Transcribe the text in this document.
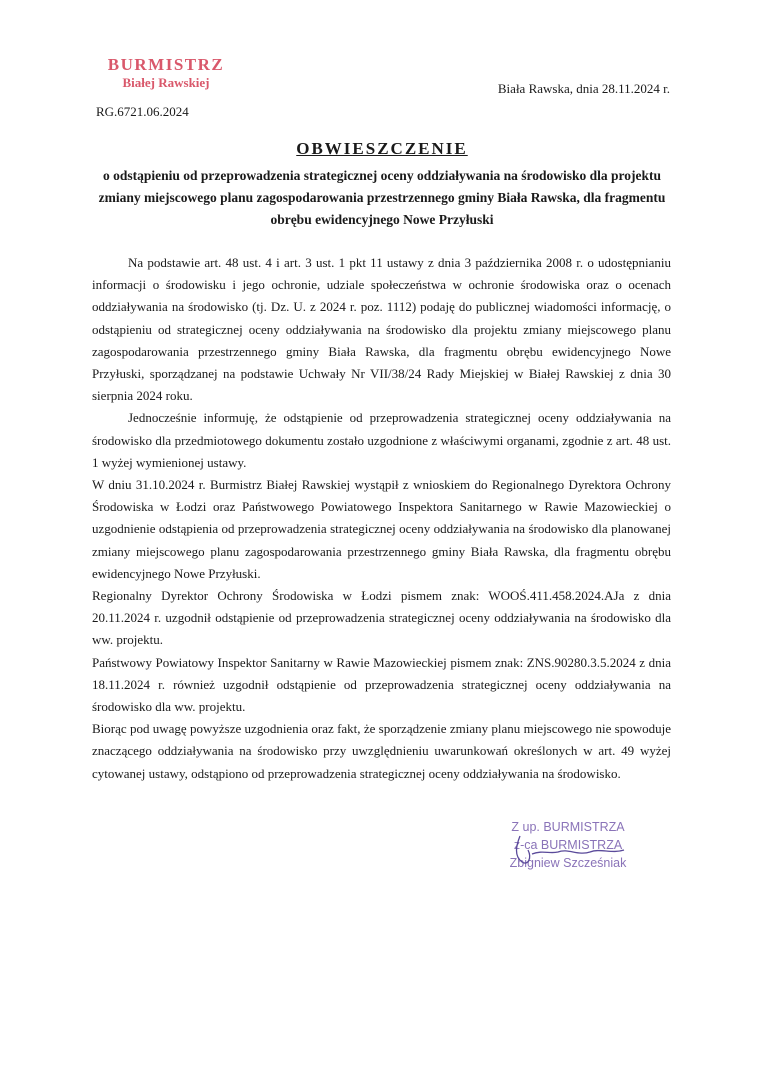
BURMISTRZ
Białej Rawskiej
RG.6721.06.2024
Biała Rawska, dnia 28.11.2024 r.
OBWIESZCZENIE
o odstąpieniu od przeprowadzenia strategicznej oceny oddziaływania na środowisko dla projektu zmiany miejscowego planu zagospodarowania przestrzennego gminy Biała Rawska, dla fragmentu obrębu ewidencyjnego Nowe Przyłuski

Na podstawie art. 48 ust. 4 i art. 3 ust. 1 pkt 11 ustawy z dnia 3 października 2008 r. o udostępnianiu informacji o środowisku i jego ochronie, udziale społeczeństwa w ochronie środowiska oraz o ocenach oddziaływania na środowisko (tj. Dz. U. z 2024 r. poz. 1112) podaję do publicznej wiadomości informację, o odstąpieniu od strategicznej oceny oddziaływania na środowisko dla projektu zmiany miejscowego planu zagospodarowania przestrzennego gminy Biała Rawska, dla fragmentu obrębu ewidencyjnego Nowe Przyłuski, sporządzanej na podstawie Uchwały Nr VII/38/24 Rady Miejskiej w Białej Rawskiej z dnia 30 sierpnia 2024 roku.

Jednocześnie informuję, że odstąpienie od przeprowadzenia strategicznej oceny oddziaływania na środowisko dla przedmiotowego dokumentu zostało uzgodnione z właściwymi organami, zgodnie z art. 48 ust. 1 wyżej wymienionej ustawy.

W dniu 31.10.2024 r. Burmistrz Białej Rawskiej wystąpił z wnioskiem do Regionalnego Dyrektora Ochrony Środowiska w Łodzi oraz Państwowego Powiatowego Inspektora Sanitarnego w Rawie Mazowieckiej o uzgodnienie odstąpienia od przeprowadzenia strategicznej oceny oddziaływania na środowisko dla planowanej zmiany miejscowego planu zagospodarowania przestrzennego gminy Biała Rawska, dla fragmentu obrębu ewidencyjnego Nowe Przyłuski.

Regionalny Dyrektor Ochrony Środowiska w Łodzi pismem znak: WOOŚ.411.458.2024.AJa z dnia 20.11.2024 r. uzgodnił odstąpienie od przeprowadzenia strategicznej oceny oddziaływania na środowisko dla ww. projektu.

Państwowy Powiatowy Inspektor Sanitarny w Rawie Mazowieckiej pismem znak: ZNS.90280.3.5.2024 z dnia 18.11.2024 r. również uzgodnił odstąpienie od przeprowadzenia strategicznej oceny oddziaływania na środowisko dla ww. projektu.

Biorąc pod uwagę powyższe uzgodnienia oraz fakt, że sporządzenie zmiany planu miejscowego nie spowoduje znaczącego oddziaływania na środowisko przy uwzględnieniu uwarunkowań określonych w art. 49 wyżej cytowanej ustawy, odstąpiono od przeprowadzenia strategicznej oceny oddziaływania na środowisko.

Z up. BURMISTRZA
z-ca BURMISTRZA
Zbigniew Szcześniak
